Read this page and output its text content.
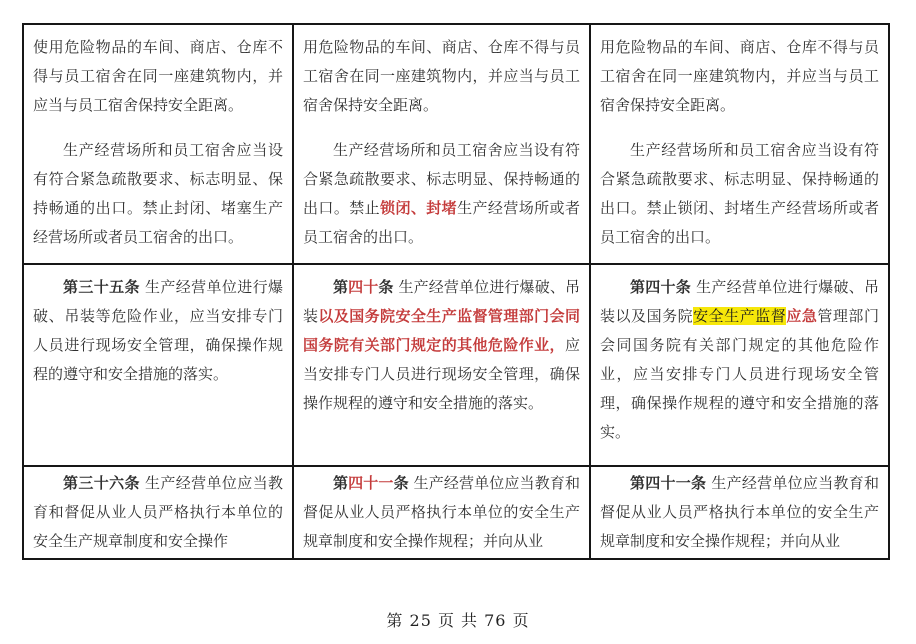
使用危险物品的车间、商店、仓库不得与员工宿舍在同一座建筑物内，并应当与员工宿舍保持安全距离。

生产经营场所和员工宿舍应当设有符合紧急疏散要求、标志明显、保持畅通的出口。禁止封闭、堵塞生产经营场所或者员工宿舍的出口。

用危险物品的车间、商店、仓库不得与员工宿舍在同一座建筑物内，并应当与员工宿舍保持安全距离。

生产经营场所和员工宿舍应当设有符合紧急疏散要求、标志明显、保持畅通的出口。禁止锁闭、封堵生产经营场所或者员工宿舍的出口。

用危险物品的车间、商店、仓库不得与员工宿舍在同一座建筑物内，并应当与员工宿舍保持安全距离。

生产经营场所和员工宿舍应当设有符合紧急疏散要求、标志明显、保持畅通的出口。禁止锁闭、封堵生产经营场所或者员工宿舍的出口。

第三十五条 生产经营单位进行爆破、吊装等危险作业，应当安排专门人员进行现场安全管理，确保操作规程的遵守和安全措施的落实。

第四十条 生产经营单位进行爆破、吊装以及国务院安全生产监督管理部门会同国务院有关部门规定的其他危险作业，应当安排专门人员进行现场安全管理，确保操作规程的遵守和安全措施的落实。

第四十条 生产经营单位进行爆破、吊装以及国务院安全生产监督应急管理部门会同国务院有关部门规定的其他危险作业，应当安排专门人员进行现场安全管理，确保操作规程的遵守和安全措施的落实。

第三十六条 生产经营单位应当教育和督促从业人员严格执行本单位的安全生产规章制度和安全操作

第四十一条 生产经营单位应当教育和督促从业人员严格执行本单位的安全生产规章制度和安全操作规程；并向从业

第四十一条 生产经营单位应当教育和督促从业人员严格执行本单位的安全生产规章制度和安全操作规程；并向从业

第 25 页 共 76 页
